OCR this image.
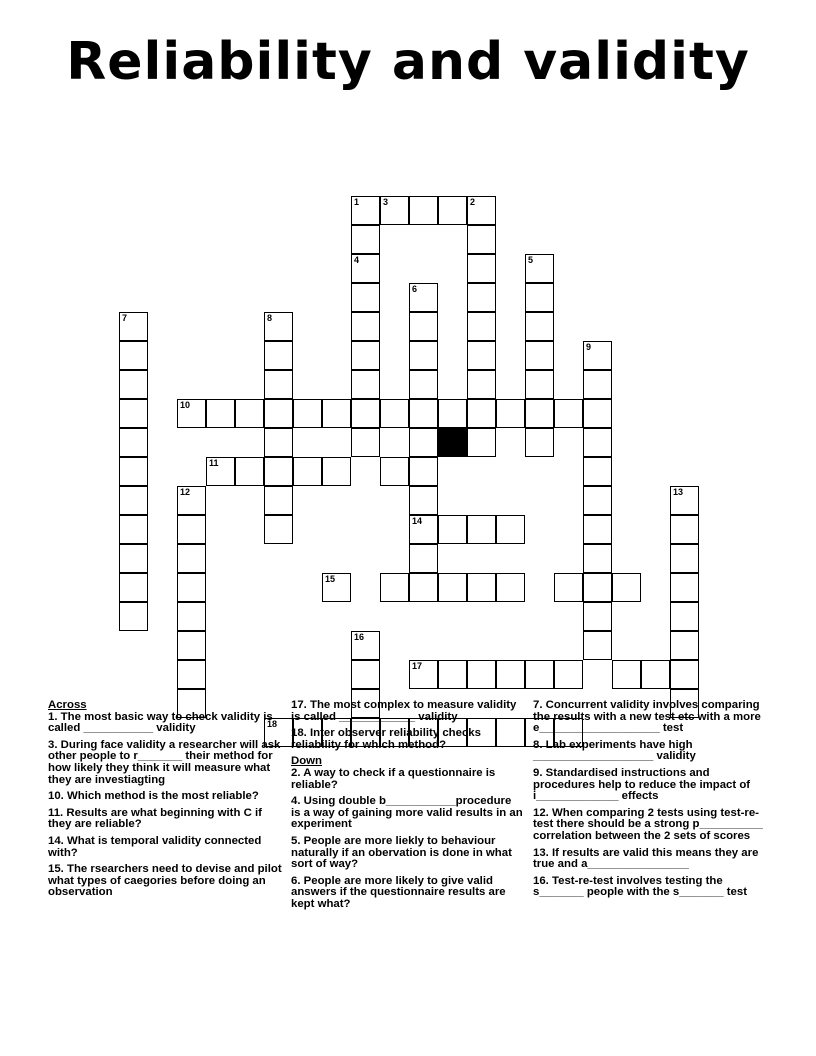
Reliability and validity
1
4
2
3
5
6
14
7	8
9
10
11
12	13
15
16
17
18

Across

1. The most basic way to check validity is called ___________ validity

3. During face validity a researcher will ask other people to r_______ their method for how likely they think it will measure what they are investiagting

10. Which method is the most reliable?

11. Results are what beginning with C if they are reliable?

14. What is temporal validity connected with?

15. The rsearchers need to devise and pilot what types of caegories before doing an observation

17. The most complex to measure validity is called ____________ validity

18. Inter observer reliability checks reliability for which method?

Down

2. A way to check if a questionnaire is reliable?

4. Using double b___________procedure is a way of gaining more valid results in an experiment

5. People are more liekly to behaviour naturally if an obervation is done in what sort of way?

6. People are more likely to give valid answers if the questionnaire results are kept what?

7. Concurrent validity involves comparing the results with a new test etc with a more e___________________ test

8. Lab experiments have high ___________________ validity

9. Standardised instructions and procedures help to reduce the impact of i_____________ effects

12. When comparing 2 tests using test-re-test there should be a strong p__________ correlation between the 2 sets of scores

13. If results are valid this means they are true and a________________

16. Test-re-test involves testing the s_______ people with the s_______ test
